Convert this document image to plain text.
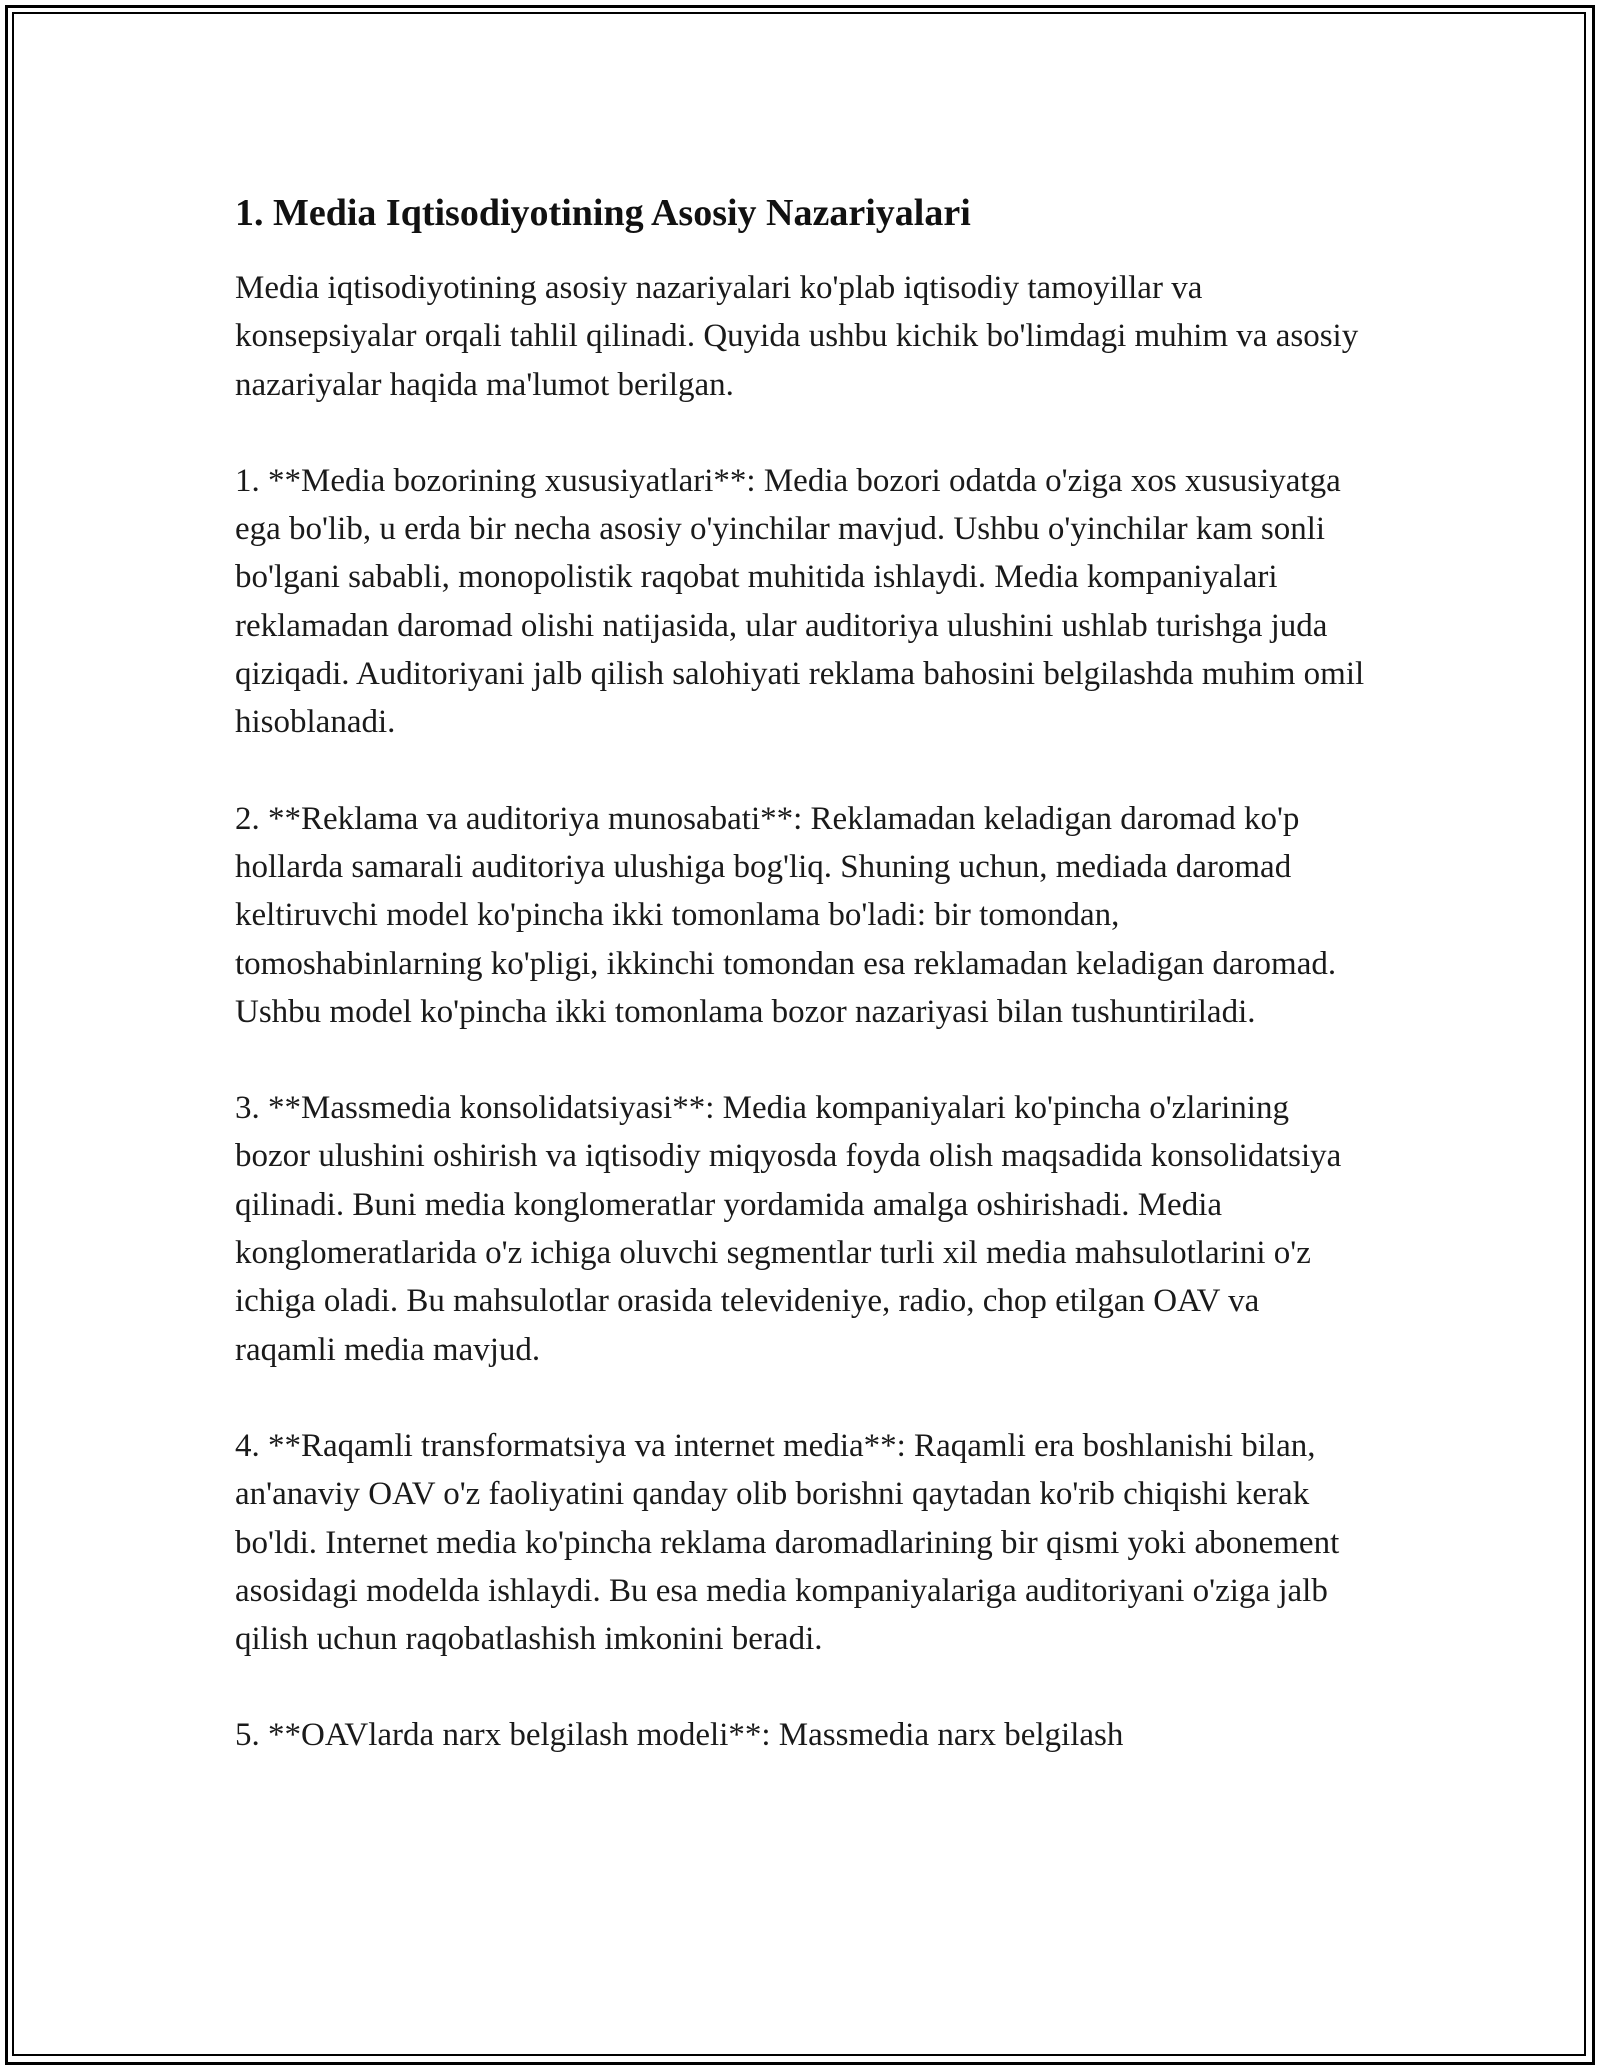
1. Media Iqtisodiyotining Asosiy Nazariyalari

Media iqtisodiyotining asosiy nazariyalari ko'plab iqtisodiy tamoyillar va konsepsiyalar orqali tahlil qilinadi. Quyida ushbu kichik bo'limdagi muhim va asosiy nazariyalar haqida ma'lumot berilgan.

1. **Media bozorining xususiyatlari**: Media bozori odatda o'ziga xos xususiyatga ega bo'lib, u erda bir necha asosiy o'yinchilar mavjud. Ushbu o'yinchilar kam sonli bo'lgani sababli, monopolistik raqobat muhitida ishlaydi. Media kompaniyalari reklamadan daromad olishi natijasida, ular auditoriya ulushini ushlab turishga juda qiziqadi. Auditoriyani jalb qilish salohiyati reklama bahosini belgilashda muhim omil hisoblanadi.

2. **Reklama va auditoriya munosabati**: Reklamadan keladigan daromad ko'p hollarda samarali auditoriya ulushiga bog'liq. Shuning uchun, mediada daromad keltiruvchi model ko'pincha ikki tomonlama bo'ladi: bir tomondan, tomoshabinlarning ko'pligi, ikkinchi tomondan esa reklamadan keladigan daromad. Ushbu model ko'pincha ikki tomonlama bozor nazariyasi bilan tushuntiriladi.

3. **Massmedia konsolidatsiyasi**: Media kompaniyalari ko'pincha o'zlarining bozor ulushini oshirish va iqtisodiy miqyosda foyda olish maqsadida konsolidatsiya qilinadi. Buni media konglomeratlar yordamida amalga oshirishadi. Media konglomeratlarida o'z ichiga oluvchi segmentlar turli xil media mahsulotlarini o'z ichiga oladi. Bu mahsulotlar orasida televideniye, radio, chop etilgan OAV va raqamli media mavjud.

4. **Raqamli transformatsiya va internet media**: Raqamli era boshlanishi bilan, an'anaviy OAV o'z faoliyatini qanday olib borishni qaytadan ko'rib chiqishi kerak bo'ldi. Internet media ko'pincha reklama daromadlarining bir qismi yoki abonement asosidagi modelda ishlaydi. Bu esa media kompaniyalariga auditoriyani o'ziga jalb qilish uchun raqobatlashish imkonini beradi.

5. **OAVlarda narx belgilash modeli**: Massmedia narx belgilash
